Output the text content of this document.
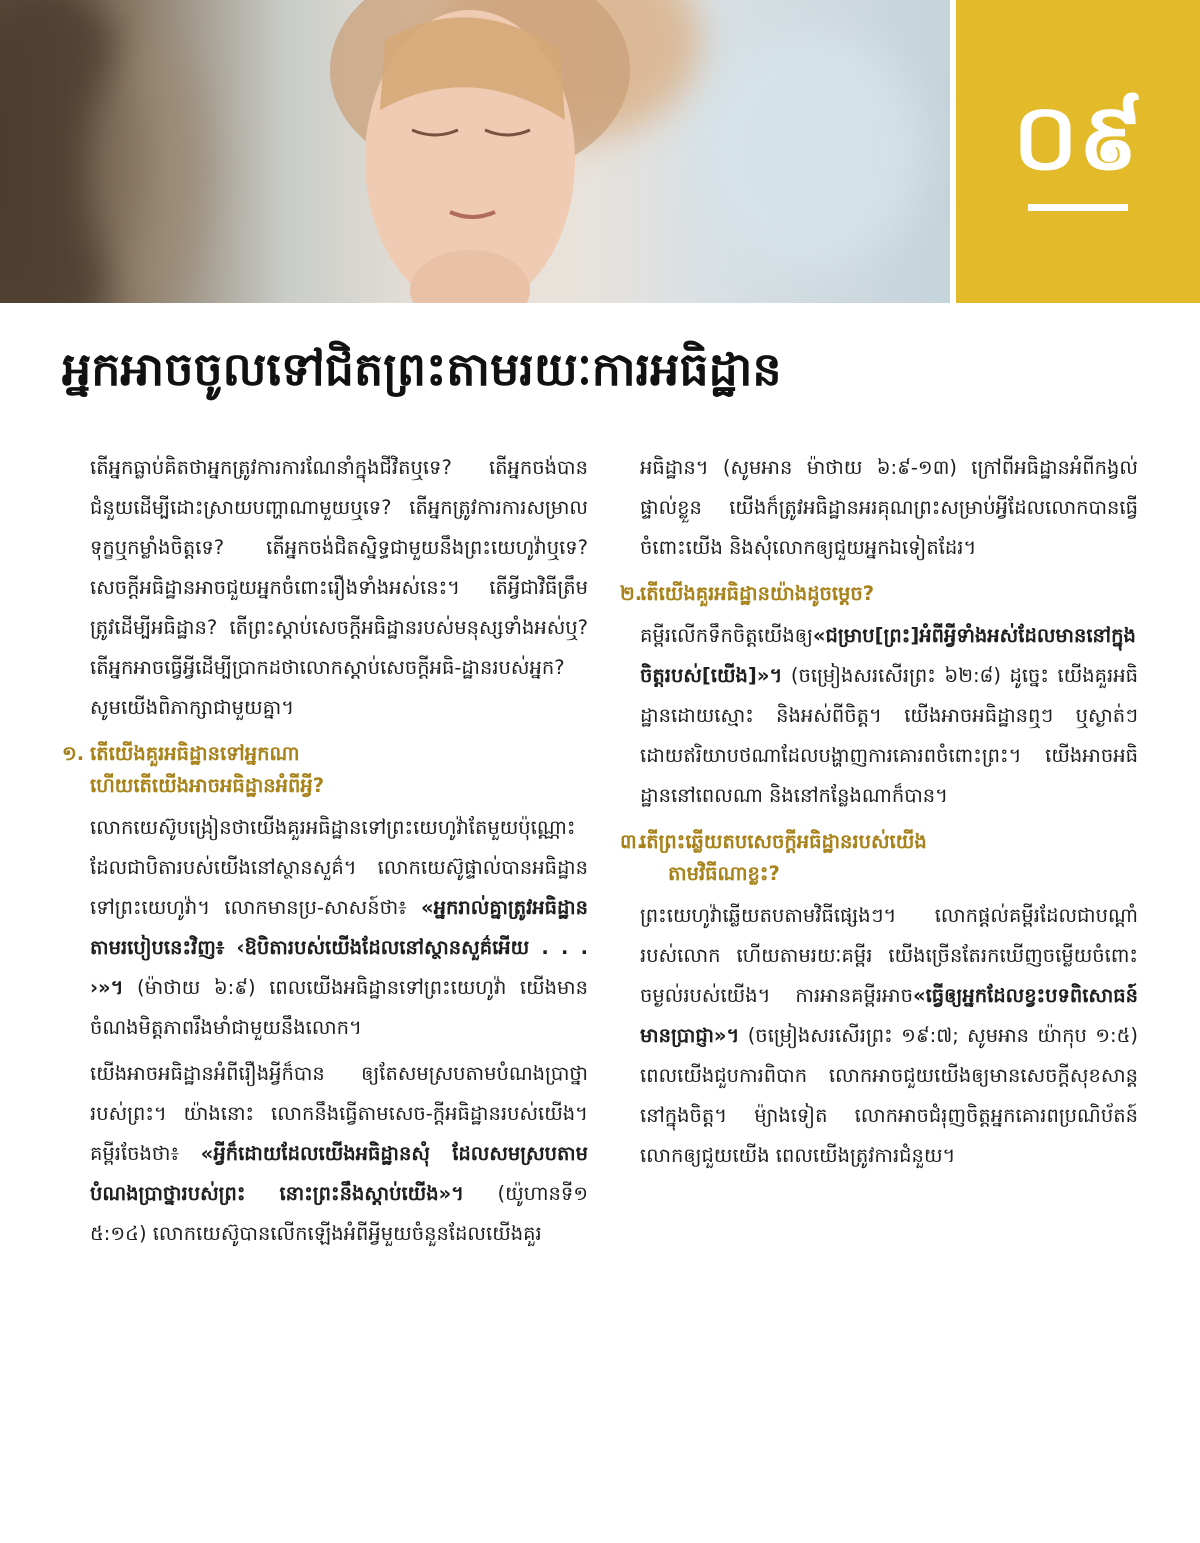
០៩
អ្នកអាចចូលទៅជិតព្រះតាមរយៈការអធិដ្ឋាន

តើអ្នកធ្លាប់គិតថាអ្នកត្រូវការការណែនាំក្នុងជីវិតឬទេ? តើអ្នកចង់បានជំនួយដើម្បីដោះស្រាយបញ្ហាណាមួយឬទេ? តើអ្នកត្រូវការការសម្រាលទុក្ខឬកម្លាំងចិត្តទេ? តើអ្នកចង់ជិតស្និទ្ធជាមួយនឹងព្រះយេហូវ៉ាឬទេ? សេចក្ដីអធិដ្ឋានអាចជួយអ្នកចំពោះរឿងទាំងអស់នេះ។ តើអ្វីជាវិធីត្រឹមត្រូវដើម្បីអធិដ្ឋាន? តើព្រះស្ដាប់សេចក្ដីអធិដ្ឋានរបស់មនុស្សទាំងអស់ឬ? តើអ្នកអាចធ្វើអ្វីដើម្បីប្រាកដថាលោកស្ដាប់សេចក្ដីអធិ-ដ្ឋានរបស់អ្នក? សូមយើងពិភាក្សាជាមួយគ្នា។

១. តើយើងគួរអធិដ្ឋានទៅអ្នកណា
ហើយតើយើងអាចអធិដ្ឋានអំពីអ្វី?

លោកយេស៊ូបង្រៀនថាយើងគួរអធិដ្ឋានទៅព្រះយេហូវ៉ាតែមួយប៉ុណ្ណោះ ដែលជាបិតារបស់យើងនៅស្ថានសួគ៌។ លោកយេស៊ូផ្ទាល់បានអធិដ្ឋានទៅព្រះយេហូវ៉ា។ លោកមានប្រ-សាសន៍ថា៖ «អ្នករាល់គ្នាត្រូវអធិដ្ឋានតាមរបៀបនេះវិញ៖ ‹ឱបិតារបស់យើងដែលនៅស្ថានសួគ៌អើយ . . . ›»។ (ម៉ាថាយ ៦:៩) ពេលយើងអធិដ្ឋានទៅព្រះយេហូវ៉ា យើងមានចំណងមិត្តភាពរឹងមាំជាមួយនឹងលោក។

យើងអាចអធិដ្ឋានអំពីរឿងអ្វីក៏បាន ឲ្យតែសមស្របតាមបំណងប្រាថ្នារបស់ព្រះ។ យ៉ាងនោះ លោកនឹងធ្វើតាមសេច-ក្ដីអធិដ្ឋានរបស់យើង។ គម្ពីរចែងថា៖ «អ្វីក៏ដោយដែលយើងអធិដ្ឋានសុំ ដែលសមស្របតាមបំណងប្រាថ្នារបស់ព្រះ នោះព្រះនឹងស្ដាប់យើង»។ (យ៉ូហានទី១ ៥:១៤) លោកយេស៊ូបានលើកឡើងអំពីអ្វីមួយចំនួនដែលយើងគួរ

អធិដ្ឋាន។ (សូមអាន ម៉ាថាយ ៦:៩-១៣) ក្រៅពីអធិដ្ឋានអំពីកង្វល់ផ្ទាល់ខ្លួន យើងក៏ត្រូវអធិដ្ឋានអរគុណព្រះសម្រាប់អ្វីដែលលោកបានធ្វើចំពោះយើង និងសុំលោកឲ្យជួយអ្នកឯទៀតដែរ។

២.តើយើងគួរអធិដ្ឋានយ៉ាងដូចម្ដេច?

គម្ពីរលើកទឹកចិត្តយើងឲ្យ«ជម្រាប[ព្រះ]អំពីអ្វីទាំងអស់ដែលមាននៅក្នុងចិត្តរបស់[យើង]»។ (ចម្រៀងសរសើរព្រះ ៦២:៨) ដូច្នេះ យើងគួរអធិដ្ឋានដោយស្មោះ និងអស់ពីចិត្ត។ យើងអាចអធិដ្ឋានឮៗ ឬស្ងាត់ៗ ដោយឥរិយាបថណាដែលបង្ហាញការគោរពចំពោះព្រះ។ យើងអាចអធិដ្ឋាននៅពេលណា និងនៅកន្លែងណាក៏បាន។

៣.តើព្រះឆ្លើយតបសេចក្ដីអធិដ្ឋានរបស់យើង
តាមវិធីណាខ្លះ?

ព្រះយេហូវ៉ាឆ្លើយតបតាមវិធីផ្សេងៗ។ លោកផ្ដល់គម្ពីរដែលជាបណ្ដាំរបស់លោក ហើយតាមរយៈគម្ពីរ យើងច្រើនតែរកឃើញចម្លើយចំពោះចម្ងល់របស់យើង។ ការអានគម្ពីរអាច«ធ្វើឲ្យអ្នកដែលខ្វះបទពិសោធន៍មានប្រាជ្ញា»។ (ចម្រៀងសរសើរព្រះ ១៩:៧; សូមអាន យ៉ាកុប ១:៥) ពេលយើងជួបការពិបាក លោកអាចជួយយើងឲ្យមានសេចក្ដីសុខសាន្តនៅក្នុងចិត្ត។ ម៉្យាងទៀត លោកអាចជំរុញចិត្តអ្នកគោរពប្រណិប័តន៍លោកឲ្យជួយយើង ពេលយើងត្រូវការជំនួយ។
